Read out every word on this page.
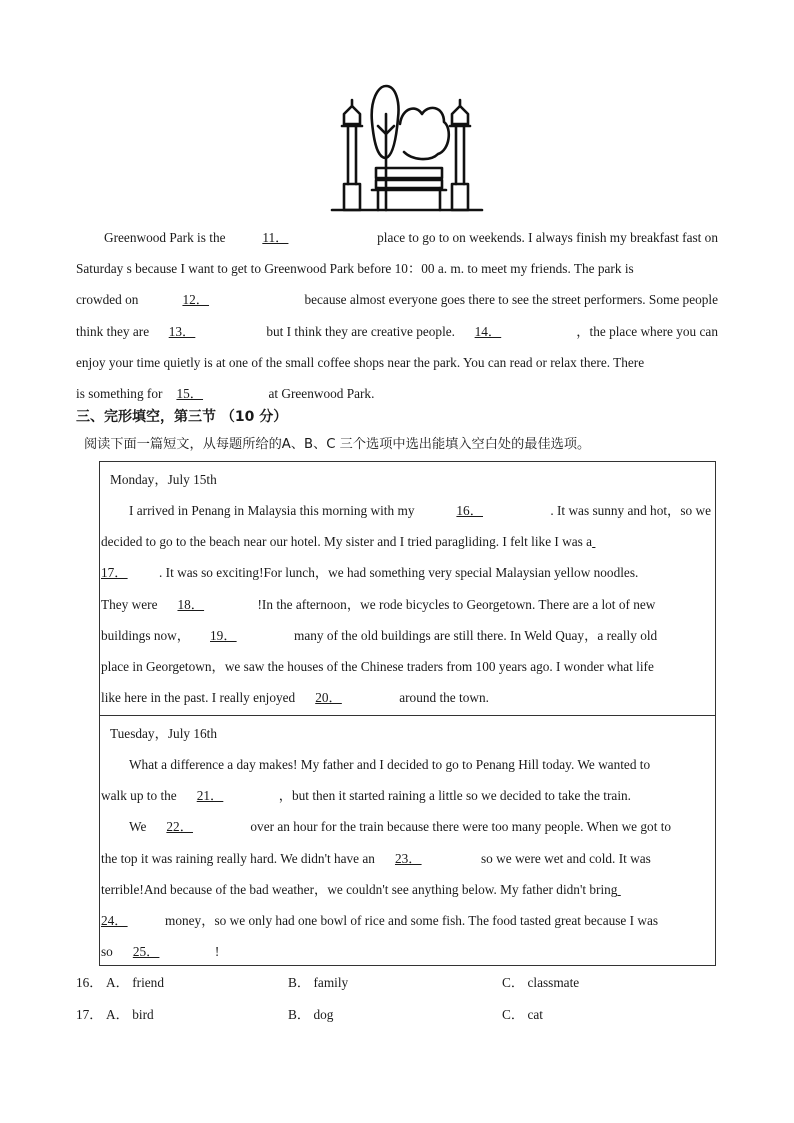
Greenwood Park is the	11．	place to go to on weekends. I always finish my breakfast fast on
Saturday s because I want to get to Greenwood Park before 10：00 a. m. to meet my friends. The park is
crowded on	12．	because almost everyone goes there to see the street performers. Some people
think they are	13．	but I think they are creative people.	14．	，the place where you can
enjoy your time quietly is at one of the small coffee shops near the park. You can read or relax there. There
is something for	15．	at Greenwood Park.
三、完形填空，第三节 （10 分）
阅读下面一篇短文，从每题所给的A、B、C 三个选项中选出能填入空白处的最佳选项。
Monday，July 15th
I arrived in Penang in Malaysia this morning with my	16．	. It was sunny and hot，so we
decided to go to the beach near our hotel. My sister and I tried paragliding. I felt like I was a

17．	. It was so exciting!For lunch，we had something very special Malaysian yellow noodles.
They were	18．	!In the afternoon，we rode bicycles to Georgetown. There are a lot of new
buildings now，	19．	many of the old buildings are still there. In Weld Quay，a really old
place in Georgetown，we saw the houses of the Chinese traders from 100 years ago. I wonder what life
like here in the past. I really enjoyed	20．	around the town.
Tuesday，July 16th
What a difference a day makes! My father and I decided to go to Penang Hill today. We wanted to
walk up to the	21．	，but then it started raining a little so we decided to take the train.
We	22．	over an hour for the train because there were too many people. When we got to
the top it was raining really hard. We didn't have an	23．	so we were wet and cold. It was
terrible!And because of the bad weather，we couldn't see anything below. My father didn't bring

24．	money，so we only had one bowl of rice and some fish. The food tasted great because I was
so	25．	!
16． A． friend	B． family	C． classmate
17． A． bird	B． dog	C． cat
